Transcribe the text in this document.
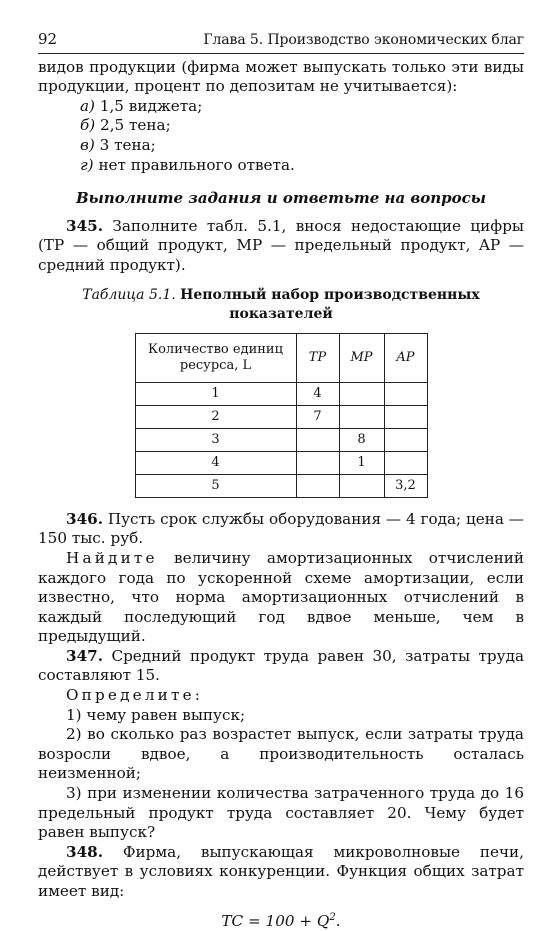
92	Глава 5. Производство экономических благ

видов продукции (фирма может выпускать только эти виды продукции, процент по депозитам не учитывается):

а) 1,5 виджета;

б) 2,5 тена;

в) 3 тена;

г) нет правильного ответа.

Выполните задания и ответьте на вопросы

345. Заполните табл. 5.1, внося недостающие цифры (TP — общий продукт, MP — предельный продукт, AP — средний продукт).

Таблица 5.1. Неполный набор производственных показателей
Количество единиц ресурса, L	TP	MP	AP
1	4		
2	7		
3		8	
4		1	
5			3,2

346. Пусть срок службы оборудования — 4 года; цена — 150 тыс. руб.

Найдите величину амортизационных отчислений каждого года по ускоренной схеме амортизации, если известно, что норма амортизационных отчислений в каждый последующий год вдвое меньше, чем в предыдущий.

347. Средний продукт труда равен 30, затраты труда составляют 15.

Определите:

1) чему равен выпуск;

2) во сколько раз возрастет выпуск, если затраты труда возросли вдвое, а производительность осталась неизменной;

3) при изменении количества затраченного труда до 16 предельный продукт труда составляет 20. Чему будет равен выпуск?

348. Фирма, выпускающая микроволновые печи, действует в условиях конкуренции. Функция общих затрат имеет вид:

TC = $100 + Q^2$.
